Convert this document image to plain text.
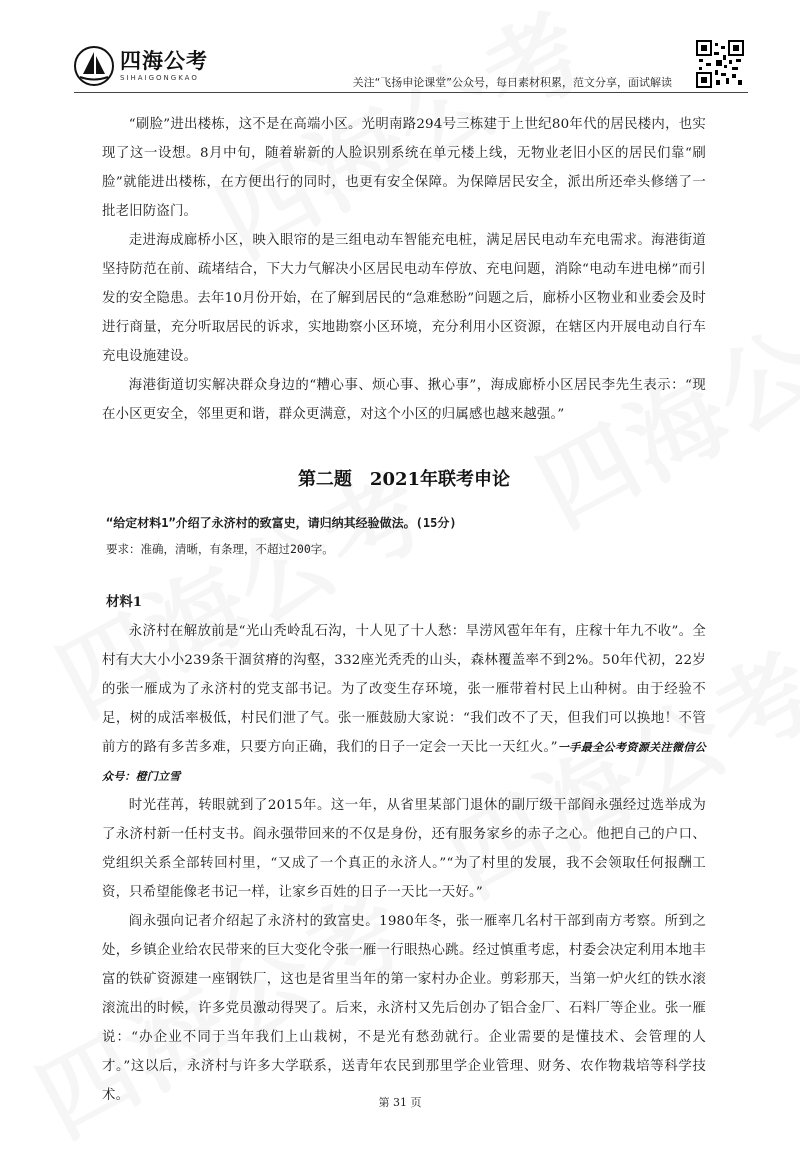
四海公考
SIHAIGONGKAO	关注“飞扬申论课堂”公众号，每日素材积累，范文分享，面试解读

“刷脸”进出楼栋，这不是在高端小区。光明南路294号三栋建于上世纪80年代的居民楼内，也实现了这一设想。8月中旬，随着崭新的人脸识别系统在单元楼上线，无物业老旧小区的居民们靠“刷脸”就能进出楼栋，在方便出行的同时，也更有安全保障。为保障居民安全，派出所还牵头修缮了一批老旧防盗门。

走进海成廊桥小区，映入眼帘的是三组电动车智能充电桩，满足居民电动车充电需求。海港街道坚持防范在前、疏堵结合，下大力气解决小区居民电动车停放、充电问题，消除“电动车进电梯”而引发的安全隐患。去年10月份开始，在了解到居民的“急难愁盼”问题之后，廊桥小区物业和业委会及时进行商量，充分听取居民的诉求，实地勘察小区环境，充分利用小区资源，在辖区内开展电动自行车充电设施建设。

海港街道切实解决群众身边的“糟心事、烦心事、揪心事”，海成廊桥小区居民李先生表示：“现在小区更安全，邻里更和谐，群众更满意，对这个小区的归属感也越来越强。”

第二题　2021年联考申论

“给定材料1”介绍了永济村的致富史，请归纳其经验做法。(15分)

要求：准确，清晰，有条理，不超过200字。

材料1

永济村在解放前是“光山秃岭乱石沟，十人见了十人愁：旱涝风雹年年有，庄稼十年九不收”。全村有大大小小239条干涸贫瘠的沟壑，332座光秃秃的山头，森林覆盖率不到2%。50年代初，22岁的张一雁成为了永济村的党支部书记。为了改变生存环境，张一雁带着村民上山种树。由于经验不足，树的成活率极低，村民们泄了气。张一雁鼓励大家说：“我们改不了天，但我们可以换地！不管前方的路有多苦多难，只要方向正确，我们的日子一定会一天比一天红火。”一手最全公考资源关注微信公众号：橙门立雪

时光荏苒，转眼就到了2015年。这一年，从省里某部门退休的副厅级干部阎永强经过选举成为了永济村新一任村支书。阎永强带回来的不仅是身份，还有服务家乡的赤子之心。他把自己的户口、党组织关系全部转回村里，“又成了一个真正的永济人。”“为了村里的发展，我不会领取任何报酬工资，只希望能像老书记一样，让家乡百姓的日子一天比一天好。”

阎永强向记者介绍起了永济村的致富史。1980年冬，张一雁率几名村干部到南方考察。所到之处，乡镇企业给农民带来的巨大变化令张一雁一行眼热心跳。经过慎重考虑，村委会决定利用本地丰富的铁矿资源建一座钢铁厂，这也是省里当年的第一家村办企业。剪彩那天，当第一炉火红的铁水滚滚流出的时候，许多党员激动得哭了。后来，永济村又先后创办了铝合金厂、石料厂等企业。张一雁说：“办企业不同于当年我们上山栽树，不是光有愁劲就行。企业需要的是懂技术、会管理的人才。”这以后，永济村与许多大学联系，送青年农民到那里学企业管理、财务、农作物栽培等科学技术。	第 31 页
